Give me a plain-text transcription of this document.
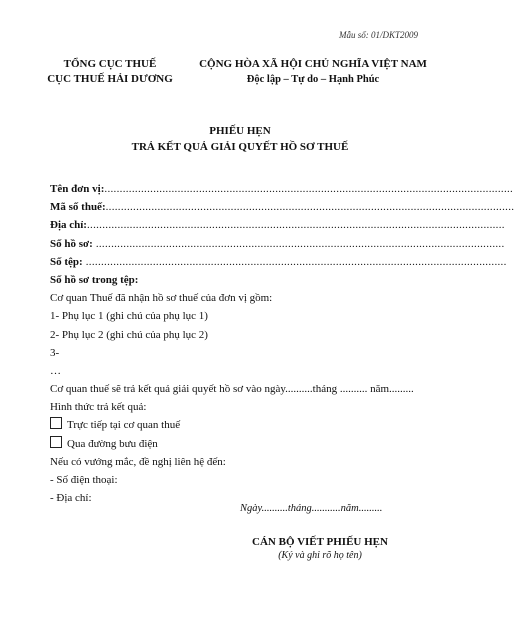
Mẫu số: 01/DKT2009
TỔNG CỤC THUẾ
CỤC THUẾ HẢI DƯƠNG
CỘNG HÒA XÃ HỘI CHỦ NGHĨA VIỆT NAM
Độc lập – Tự do – Hạnh Phúc
PHIẾU HẸN
TRẢ KẾT QUẢ GIẢI QUYẾT HỒ SƠ THUẾ
Tên đơn vị:......................................................................................................................................
Mã số thuế:......................................................................................................................................
Địa chỉ:.........................................................................................................................................
Số hồ sơ: ......................................................................................................................................
Số tệp: ..........................................................................................................................................
Số hồ sơ trong tệp:
Cơ quan Thuế đã nhận hồ sơ thuế của đơn vị gồm:
1- Phụ lục 1 (ghi chú của phụ lục 1)
2- Phụ lục 2 (ghi chú của phụ lục 2)
3-
…
Cơ quan thuế sẽ trả kết quả giải quyết hồ sơ vào ngày..........tháng .......... năm.........
Hình thức trả kết quả:
Trực tiếp tại cơ quan thuế
Qua đường bưu điện
Nếu có vướng mắc, đề nghị liên hệ đến:
- Số điện thoại:
- Địa chỉ:
Ngày..........tháng...........năm.........
CÁN BỘ VIẾT PHIẾU HẸN
(Ký và ghi rõ họ tên)
